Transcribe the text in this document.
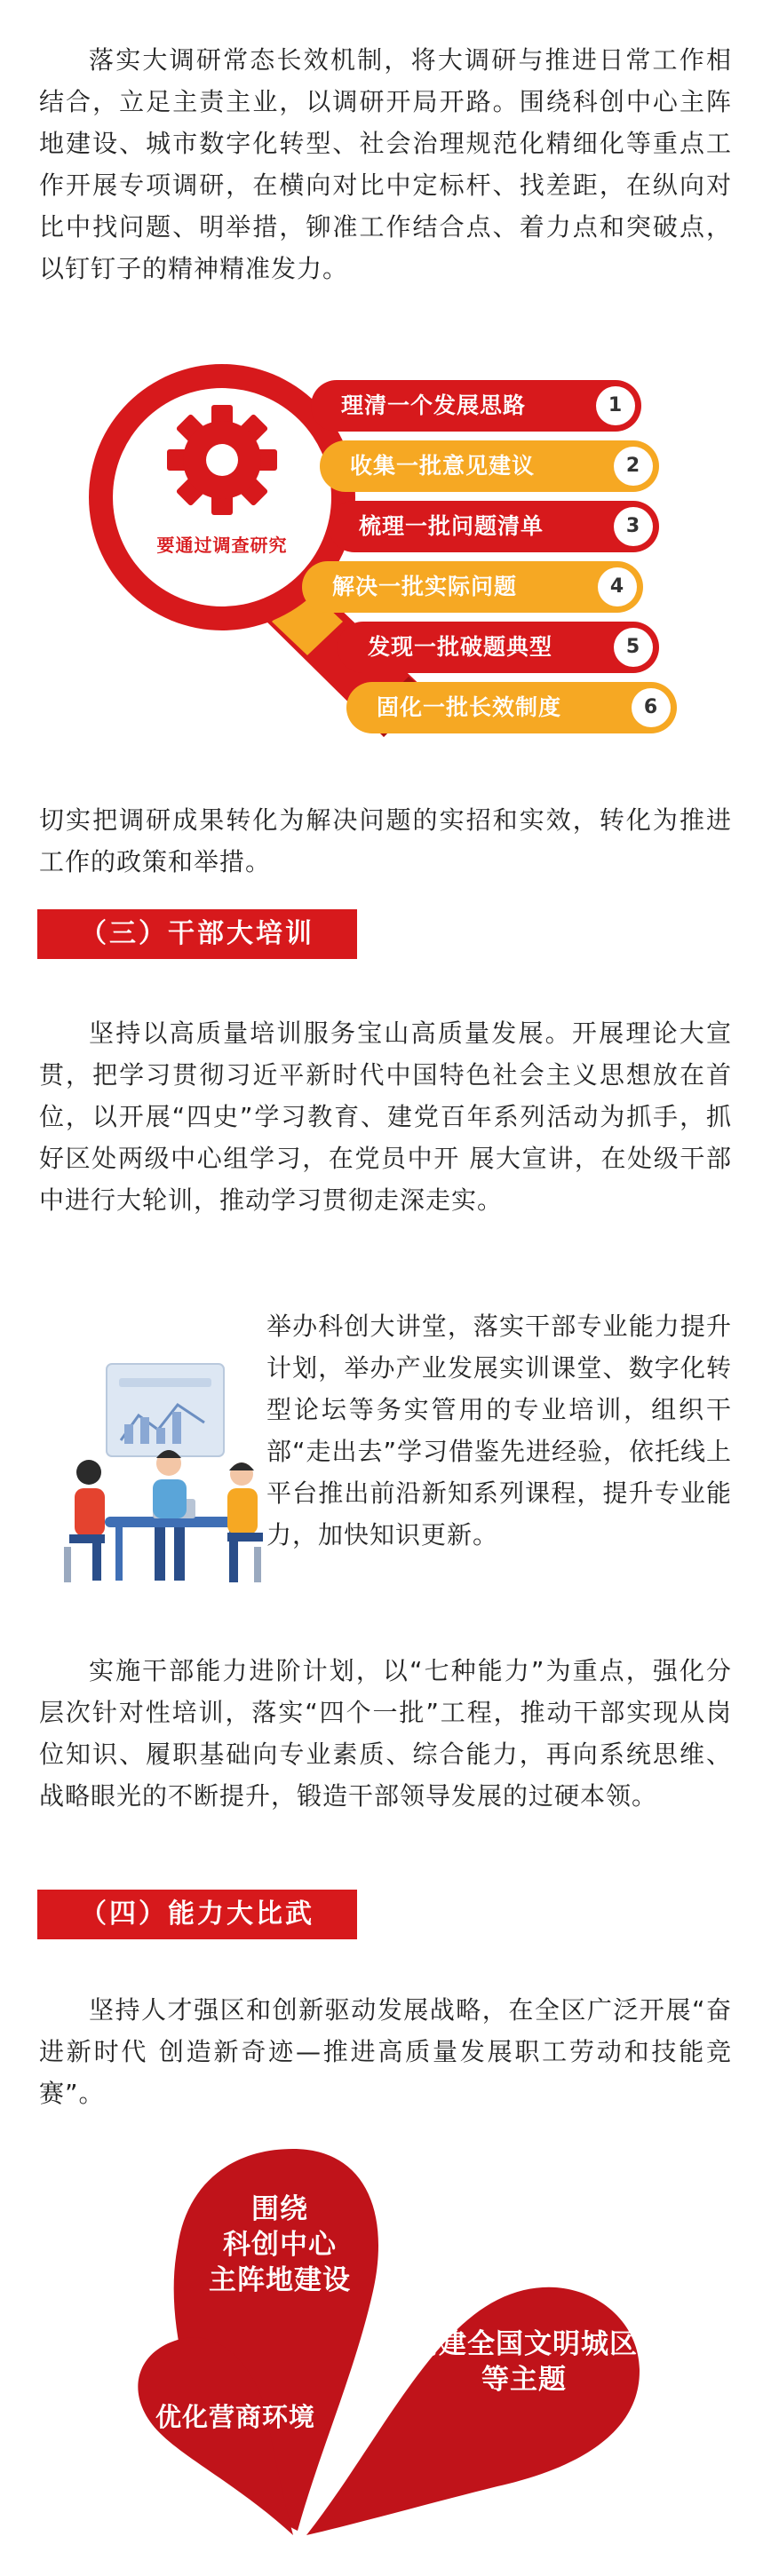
落实大调研常态长效机制，将大调研与推进日常工作相结合，立足主责主业，以调研开局开路。围绕科创中心主阵地建设、城市数字化转型、社会治理规范化精细化等重点工作开展专项调研，在横向对比中定标杆、找差距，在纵向对比中找问题、明举措，铆准工作结合点、着力点和突破点，以钉钉子的精神精准发力。

要通过调查研究
理清一个发展思路	1
收集一批意见建议	2
梳理一批问题清单	3
解决一批实际问题	4
发现一批破题典型	5
固化一批长效制度	6

切实把调研成果转化为解决问题的实招和实效，转化为推进工作的政策和举措。

（三）干部大培训

坚持以高质量培训服务宝山高质量发展。开展理论大宣贯，把学习贯彻习近平新时代中国特色社会主义思想放在首位，以开展“四史”学习教育、建党百年系列活动为抓手，抓好区处两级中心组学习，在党员中开 展大宣讲，在处级干部中进行大轮训，推动学习贯彻走深走实。

举办科创大讲堂，落实干部专业能力提升计划，举办产业发展实训课堂、数字化转型论坛等务实管用的专业培训，组织干部“走出去”学习借鉴先进经验，依托线上平台推出前沿新知系列课程，提升专业能力，加快知识更新。

实施干部能力进阶计划，以“七种能力”为重点，强化分层次针对性培训，落实“四个一批”工程，推动干部实现从岗位知识、履职基础向专业素质、综合能力，再向系统思维、战略眼光的不断提升，锻造干部领导发展的过硬本领。

（四）能力大比武

坚持人才强区和创新驱动发展战略，在全区广泛开展“奋进新时代 创造新奇迹—推进高质量发展职工劳动和技能竞赛”。

围绕
科创中心
主阵地建设
创建全国文明城区
等主题
优化营商环境
